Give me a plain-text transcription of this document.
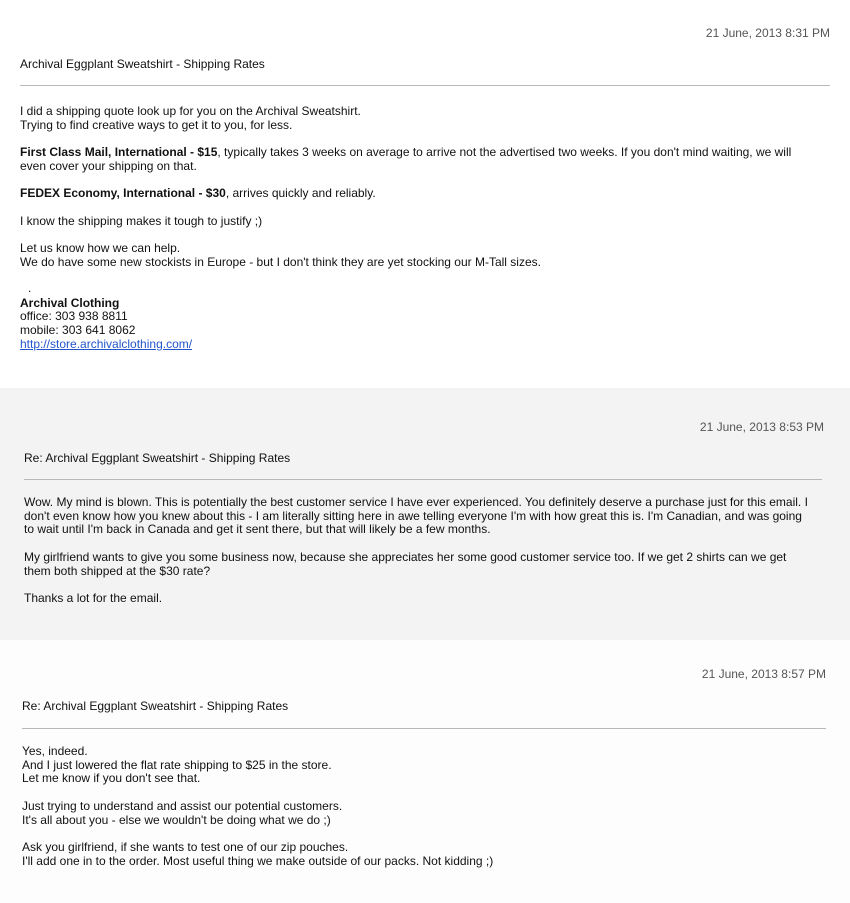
21 June, 2013 8:31 PM
Archival Eggplant Sweatshirt - Shipping Rates

I did a shipping quote look up for you on the Archival Sweatshirt.
Trying to find creative ways to get it to you, for less.

First Class Mail, International - $15, typically takes 3 weeks on average to arrive not the advertised two weeks. If you don't mind waiting, we will even cover your shipping on that.

FEDEX Economy, International - $30, arrives quickly and reliably.

I know the shipping makes it tough to justify ;)

Let us know how we can help.
We do have some new stockists in Europe - but I don't think they are yet stocking our M-Tall sizes.

.
Archival Clothing
office: 303 938 8811
mobile: 303 641 8062
http://store.archivalclothing.com/
21 June, 2013 8:53 PM
Re: Archival Eggplant Sweatshirt - Shipping Rates

Wow. My mind is blown. This is potentially the best customer service I have ever experienced. You definitely deserve a purchase just for this email. I don't even know how you knew about this - I am literally sitting here in awe telling everyone I'm with how great this is. I'm Canadian, and was going to wait until I'm back in Canada and get it sent there, but that will likely be a few months.

My girlfriend wants to give you some business now, because she appreciates her some good customer service too. If we get 2 shirts can we get them both shipped at the $30 rate?

Thanks a lot for the email.

21 June, 2013 8:57 PM
Re: Archival Eggplant Sweatshirt - Shipping Rates

Yes, indeed.
And I just lowered the flat rate shipping to $25 in the store.
Let me know if you don't see that.

Just trying to understand and assist our potential customers.
It's all about you - else we wouldn't be doing what we do ;)

Ask you girlfriend, if she wants to test one of our zip pouches.
I'll add one in to the order. Most useful thing we make outside of our packs. Not kidding ;)
